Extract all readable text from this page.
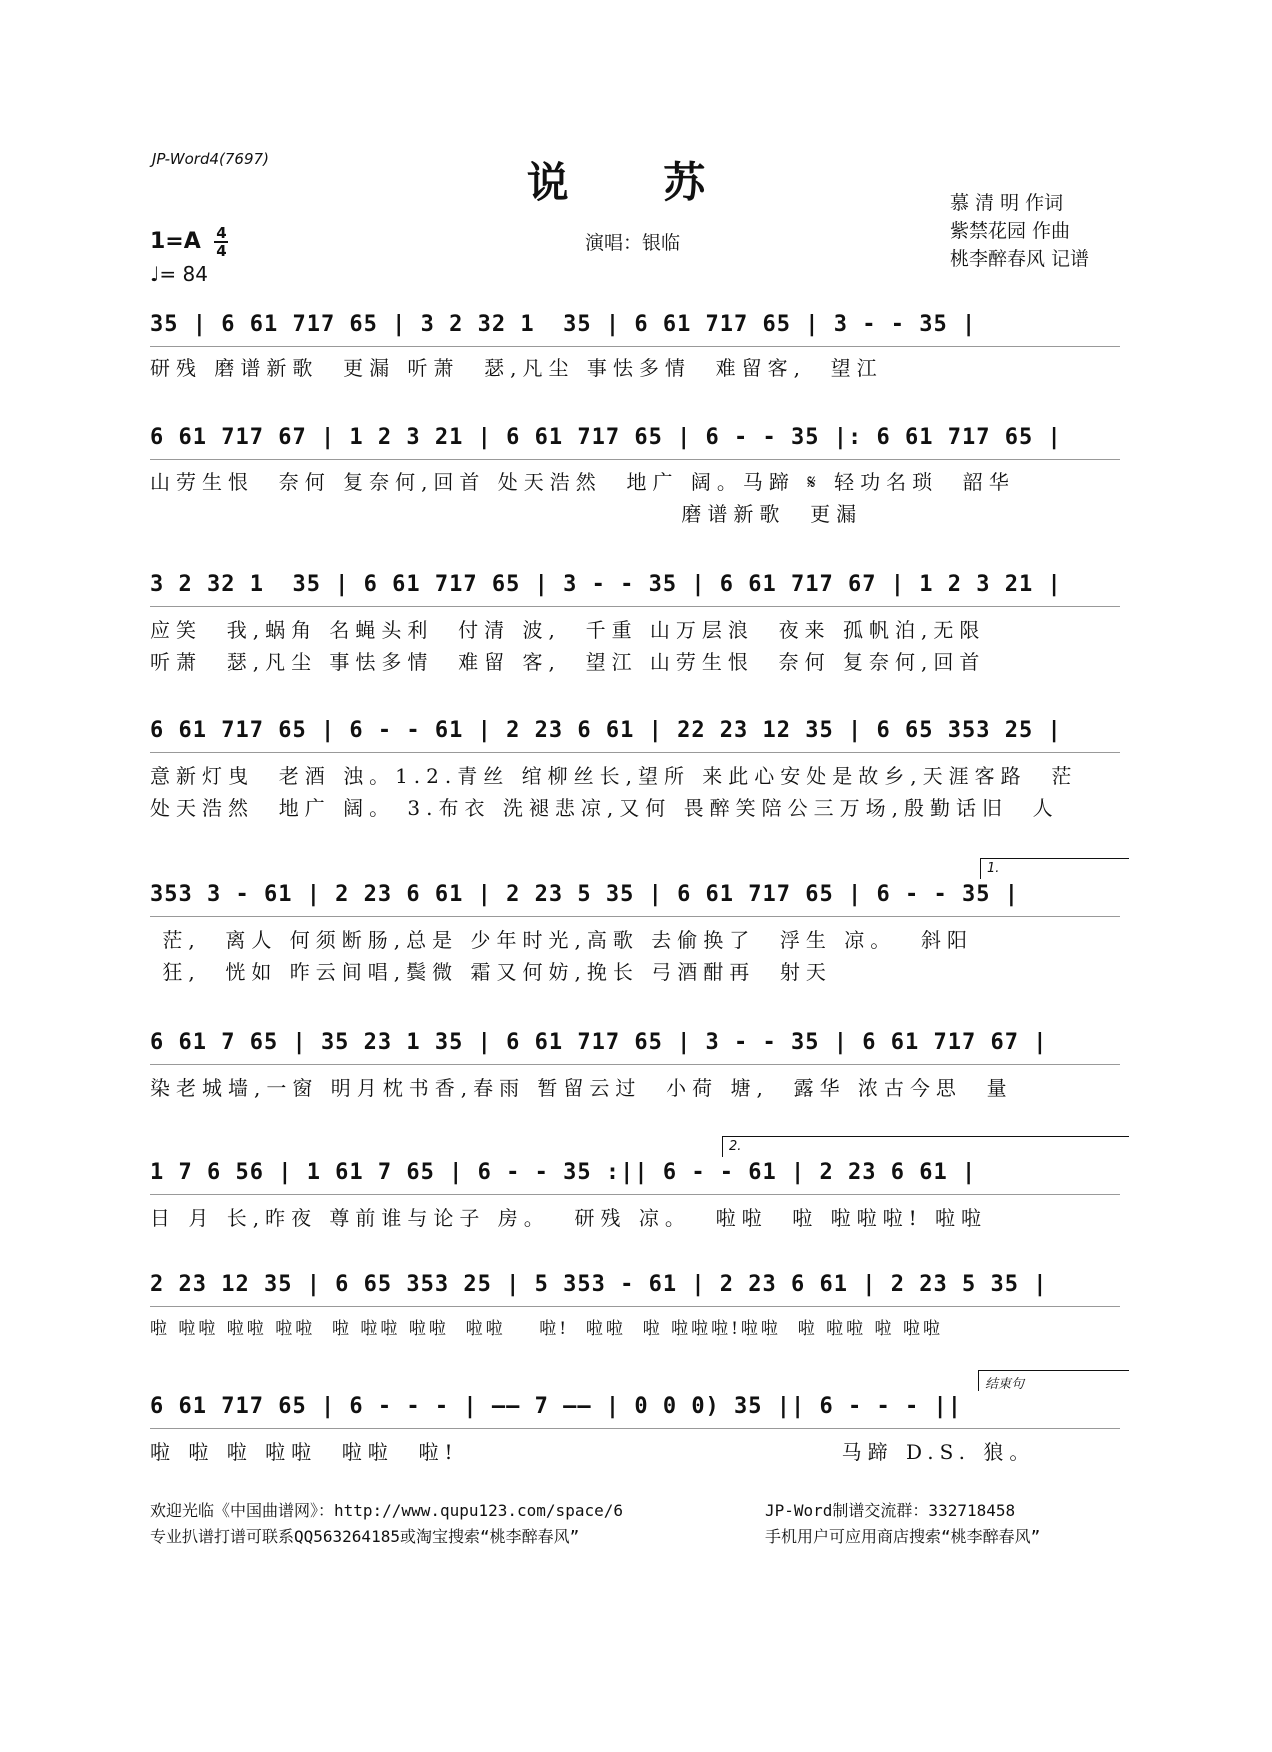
JP-Word4(7697)	说 苏
演唱：银临
慕 清 明 作词
紫禁花园 作曲
桃李醉春风 记谱
$1=A \frac{4}{4}$
♩= 84
35 | 6 61 717 65 | 3 2 32 1  35 | 6 61 717 65 | 3 - - 35 |
研残 磨谱新歌  更漏 听萧  瑟,凡尘 事怯多情  难留客,  望江
6 61 717 67 | 1 2 3 21 | 6 61 717 65 | 6 - - 35 |: 6 61 717 65 |
山劳生恨  奈何 复奈何,回首 处天浩然  地广 阔。马蹄 𝄋 轻功名琐  韶华
磨谱新歌  更漏
3 2 32 1  35 | 6 61 717 65 | 3 - - 35 | 6 61 717 67 | 1 2 3 21 |
应笑  我,蜗角 名蝇头利  付清 波,  千重 山万层浪  夜来 孤帆泊,无限
听萧  瑟,凡尘 事怯多情  难留 客,  望江 山劳生恨  奈何 复奈何,回首
6 61 717 65 | 6 - - 61 | 2 23 6 61 | 22 23 12 35 | 6 65 353 25 |
意新灯曳  老酒 浊。1.2.青丝 绾柳丝长,望所 来此心安处是故乡,天涯客路  茫
处天浩然  地广 阔。 3.布衣 洗褪悲凉,又何 畏醉笑陪公三万场,殷勤话旧  人
1.
353 3 - 61 | 2 23 6 61 | 2 23 5 35 | 6 61 717 65 | 6 - - 35 |
茫,  离人 何须断肠,总是 少年时光,高歌 去偷换了  浮生 凉。  斜阳
狂,  恍如 昨云间唱,鬓微 霜又何妨,挽长 弓酒酣再  射天
6 61 7 65 | 35 23 1 35 | 6 61 717 65 | 3 - - 35 | 6 61 717 67 |
染老城墙,一窗 明月枕书香,春雨 暂留云过  小荷 塘,  露华 浓古今思  量
2.
1 7 6 56 | 1 61 7 65 | 6 - - 35 :|| 6 - - 61 | 2 23 6 61 |
日 月 长,昨夜 尊前谁与论子 房。  研残 凉。  啦啦  啦 啦啦啦! 啦啦
2 23 12 35 | 6 65 353 25 | 5 353 - 61 | 2 23 6 61 | 2 23 5 35 |
啦 啦啦 啦啦 啦啦  啦 啦啦 啦啦  啦啦    啦!  啦啦  啦 啦啦啦!啦啦  啦 啦啦 啦 啦啦
结束句
6 61 717 65 | 6 - - - | —— 7 —— | 0 0 0) 35 || 6 - - - ||
啦 啦 啦 啦啦  啦啦  啦!                               马蹄 D.S. 狼。
欢迎光临《中国曲谱网》：http://www.qupu123.com/space/6	JP-Word制谱交流群：332718458
专业扒谱打谱可联系QQ563264185或淘宝搜索“桃李醉春风”	手机用户可应用商店搜索“桃李醉春风”
